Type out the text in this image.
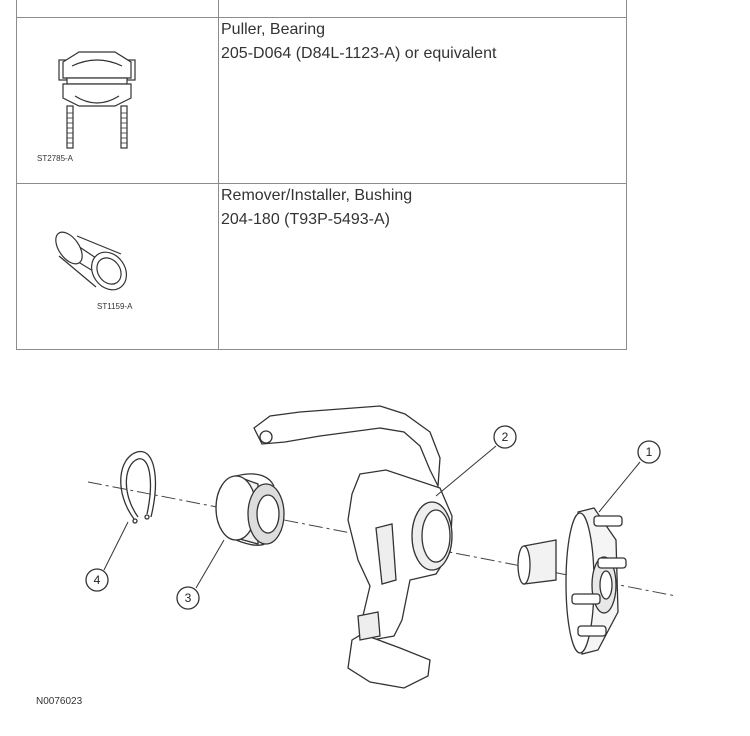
ST2785-A	Puller, Bearing
205-D064 (D84L-1123-A) or equivalent

ST1159-A	Remover/Installer, Bushing
204-180 (T93P-5493-A)
1
2
3
4
N0076023
